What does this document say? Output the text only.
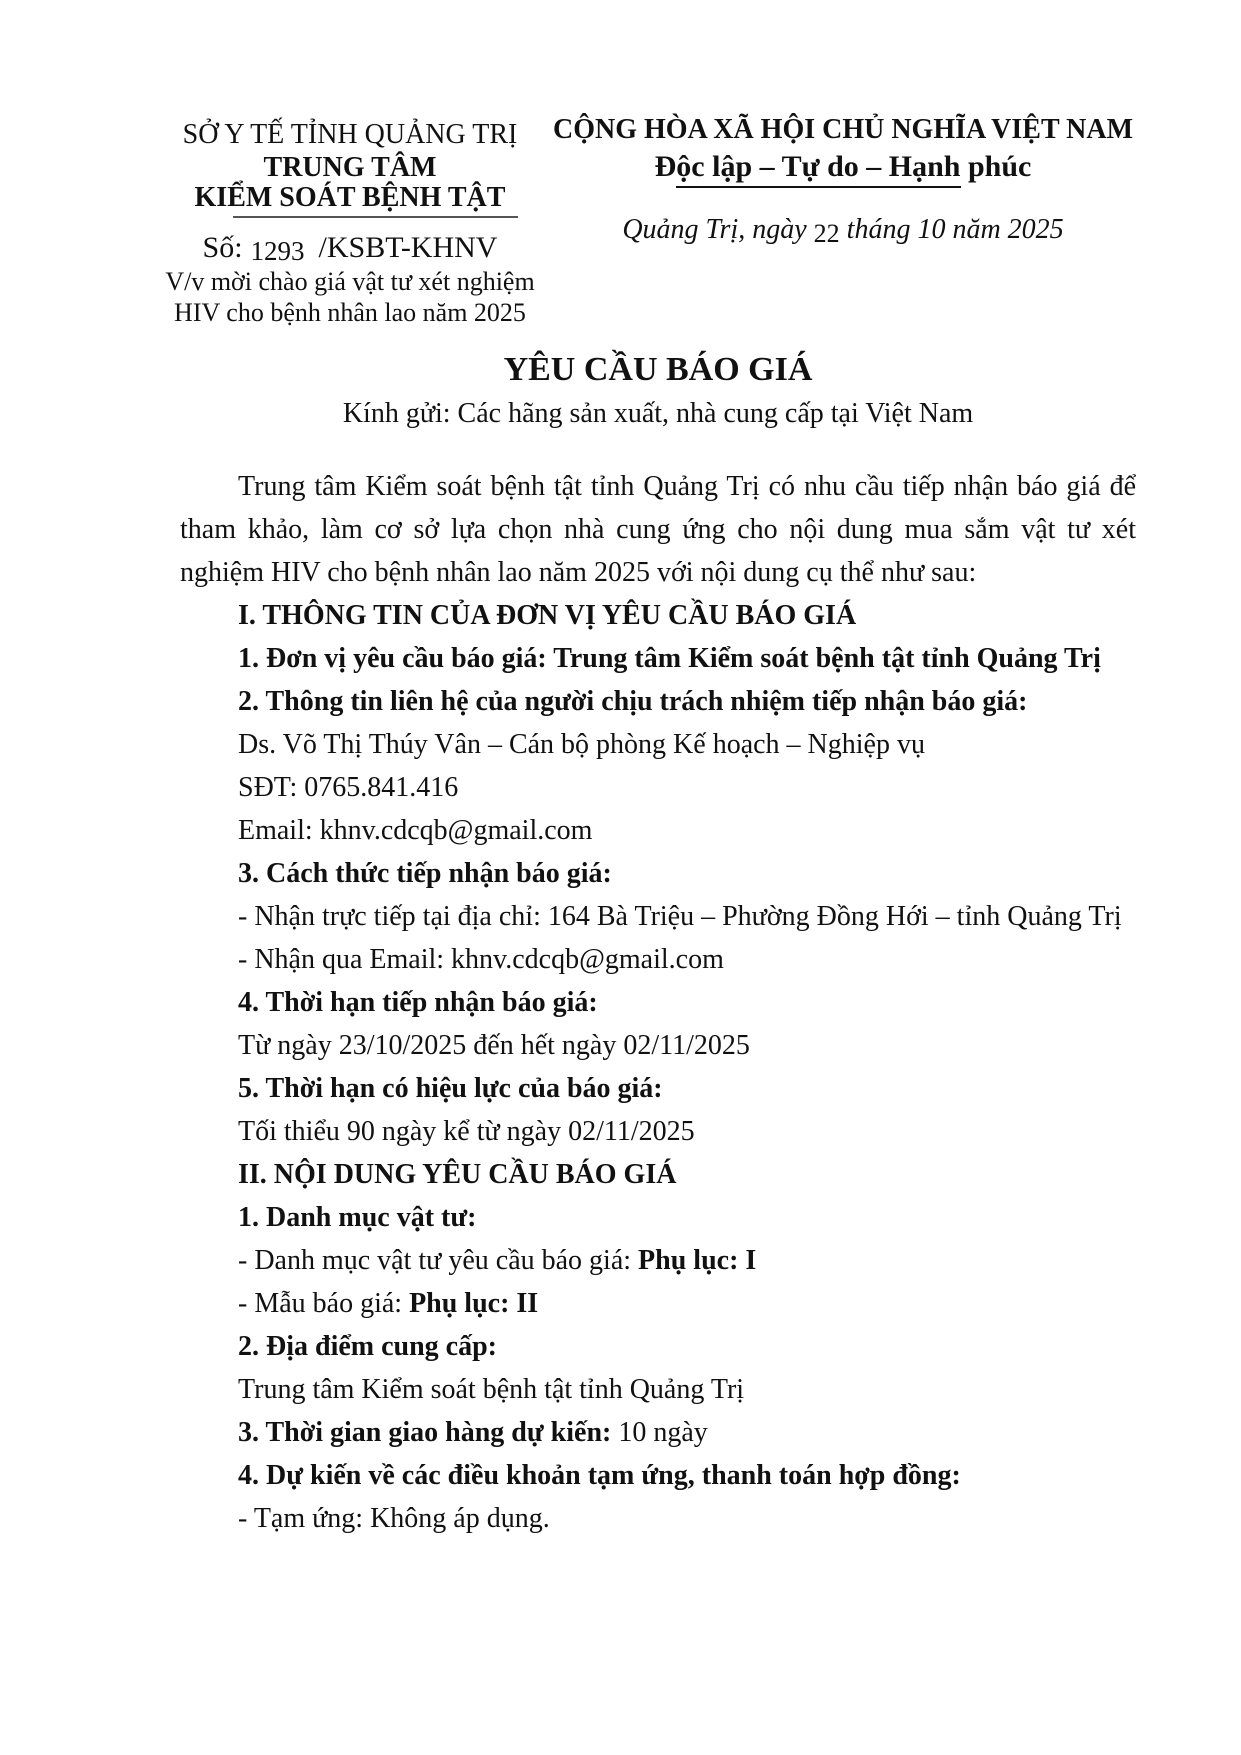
SỞ Y TẾ TỈNH QUẢNG TRỊ
TRUNG TÂM
KIỂM SOÁT BỆNH TẬT
Số: 1293 /KSBT-KHNV
V/v mời chào giá vật tư xét nghiệm
HIV cho bệnh nhân lao năm 2025
CỘNG HÒA XÃ HỘI CHỦ NGHĨA VIỆT NAM
Độc lập – Tự do – Hạnh phúc
Quảng Trị, ngày 22 tháng 10 năm 2025
YÊU CẦU BÁO GIÁ

Kính gửi: Các hãng sản xuất, nhà cung cấp tại Việt Nam

Trung tâm Kiểm soát bệnh tật tỉnh Quảng Trị có nhu cầu tiếp nhận báo giá để tham khảo, làm cơ sở lựa chọn nhà cung ứng cho nội dung mua sắm vật tư xét nghiệm HIV cho bệnh nhân lao năm 2025 với nội dung cụ thể như sau:

I. THÔNG TIN CỦA ĐƠN VỊ YÊU CẦU BÁO GIÁ

1. Đơn vị yêu cầu báo giá: Trung tâm Kiểm soát bệnh tật tỉnh Quảng Trị

2. Thông tin liên hệ của người chịu trách nhiệm tiếp nhận báo giá:

Ds. Võ Thị Thúy Vân – Cán bộ phòng Kế hoạch – Nghiệp vụ

SĐT: 0765.841.416

Email: khnv.cdcqb@gmail.com

3. Cách thức tiếp nhận báo giá:

- Nhận trực tiếp tại địa chỉ: 164 Bà Triệu – Phường Đồng Hới – tỉnh Quảng Trị

- Nhận qua Email: khnv.cdcqb@gmail.com

4. Thời hạn tiếp nhận báo giá:

Từ ngày 23/10/2025 đến hết ngày 02/11/2025

5. Thời hạn có hiệu lực của báo giá:

Tối thiểu 90 ngày kể từ ngày 02/11/2025

II. NỘI DUNG YÊU CẦU BÁO GIÁ

1. Danh mục vật tư:

- Danh mục vật tư yêu cầu báo giá: Phụ lục: I

- Mẫu báo giá: Phụ lục: II

2. Địa điểm cung cấp:

Trung tâm Kiểm soát bệnh tật tỉnh Quảng Trị

3. Thời gian giao hàng dự kiến: 10 ngày

4. Dự kiến về các điều khoản tạm ứng, thanh toán hợp đồng:

- Tạm ứng: Không áp dụng.
